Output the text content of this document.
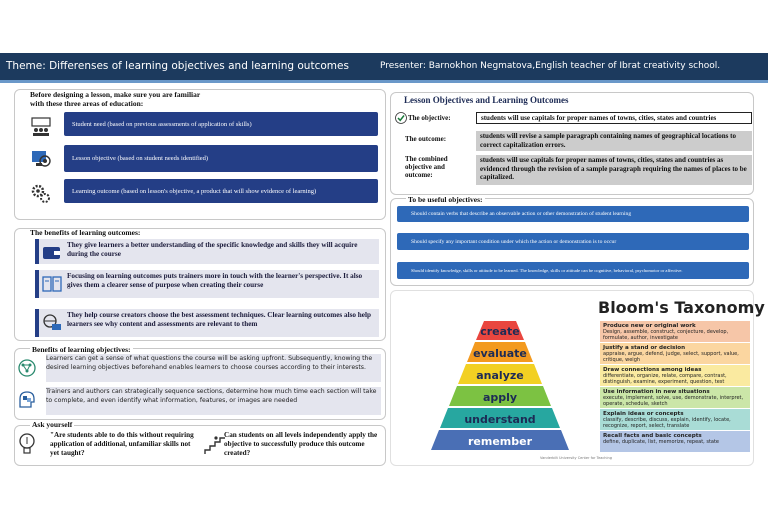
Theme: Differenses of learning objectives and learning outcomes	Presenter: Barnokhon Negmatova,English teacher of Ibrat creativity school.
Before designing a lesson, make sure you are familiar
with these three areas of education:
Student need (based on previous assessments of application of skills)
Lesson objective (based on student needs identified)
Learning outcome (based on lesson's objective, a product that will show evidence of learning)
The benefits of learning outcomes:
They give learners a better understanding of the specific knowledge and skills they will acquire during the course
Focusing on learning outcomes puts trainers more in touch with the learner's perspective. It also gives them a clearer sense of purpose when creating their course
They help course creators choose the best assessment techniques. Clear learning outcomes also help learners see why content and assessments are relevant to them
Benefits of learning objectives:
Learners can get a sense of what questions the course will be asking upfront. Subsequently, knowing the desired learning objectives beforehand enables learners to choose courses according to their interests.
Trainers and authors can strategically sequence sections, determine how much time each section will take to complete, and even identify what information, features, or images are needed
Ask yourself
"Are students able to do this without requiring application of additional, unfamiliar skills not yet taught?
Can students on all levels independently apply the objective to successfully produce this outcome created?
Lesson Objectives and Learning Outcomes
The objective:	students will use capitals for proper names of towns, cities, states and countries
The outcome:	students will revise a sample paragraph containing names of geographical locations to correct capitalization errors.
The combined objective and outcome:
students will use capitals for proper names of towns, cities, states and countries as evidenced through the revision of a sample paragraph requiring the names of places to be capitalized.
To be useful objectives:
Should contain verbs that describe an observable action or other demonstration of student learning
Should specify any important condition under which the action or demonstration is to occur
Should identify knowledge, skills or attitude to be learned. The knowledge, skills or attitude can be cognitive, behavioral, psychomotor or affective.
Bloom's Taxonomy
create
evaluate
analyze
apply
understand
remember
Produce new or original work
Design, assemble, construct, conjecture, develop, formulate, author, investigate
Justify a stand or decision
appraise, argue, defend, judge, select, support, value, critique, weigh
Draw connections among ideas
differentiate, organize, relate, compare, contrast, distinguish, examine, experiment, question, test
Use information in new situations
execute, implement, solve, use, demonstrate, interpret, operate, schedule, sketch
Explain ideas or concepts
classify, describe, discuss, explain, identify, locate, recognize, report, select, translate
Recall facts and basic concepts
define, duplicate, list, memorize, repeat, state
Vanderbilt University Center for Teaching
